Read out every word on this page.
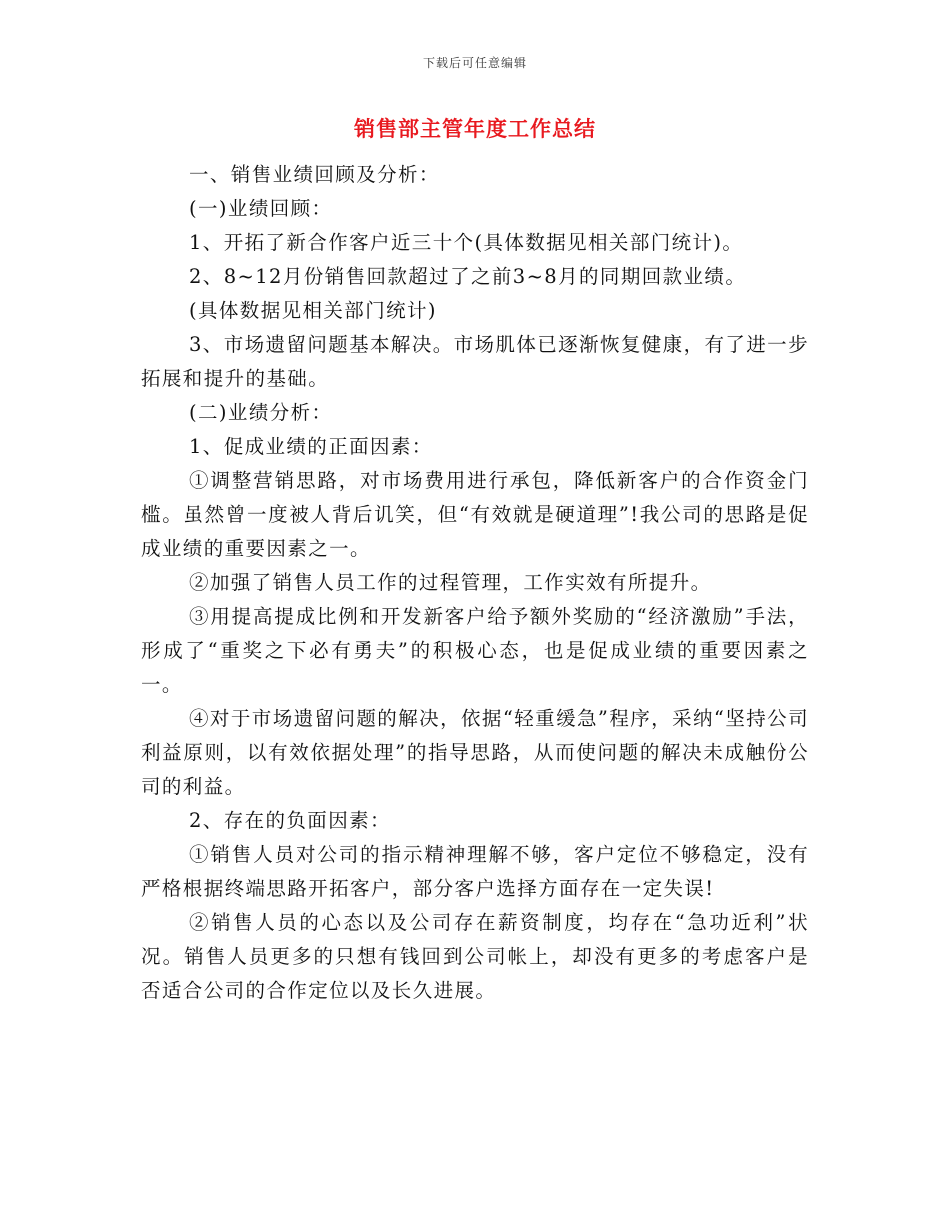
下载后可任意编辑
销售部主管年度工作总结

一、销售业绩回顾及分析：

(一)业绩回顾：

1、开拓了新合作客户近三十个(具体数据见相关部门统计)。

2、8~12月份销售回款超过了之前3~8月的同期回款业绩。

(具体数据见相关部门统计)

3、市场遗留问题基本解决。市场肌体已逐渐恢复健康，有了进一步拓展和提升的基础。

(二)业绩分析：

1、促成业绩的正面因素：

①调整营销思路，对市场费用进行承包，降低新客户的合作资金门槛。虽然曾一度被人背后讥笑，但“有效就是硬道理”!我公司的思路是促成业绩的重要因素之一。

②加强了销售人员工作的过程管理，工作实效有所提升。

③用提高提成比例和开发新客户给予额外奖励的“经济激励”手法，形成了“重奖之下必有勇夫”的积极心态，也是促成业绩的重要因素之一。

④对于市场遗留问题的解决，依据“轻重缓急”程序，采纳“坚持公司利益原则，以有效依据处理”的指导思路，从而使问题的解决未成触份公司的利益。

2、存在的负面因素：

①销售人员对公司的指示精神理解不够，客户定位不够稳定，没有严格根据终端思路开拓客户，部分客户选择方面存在一定失误!

②销售人员的心态以及公司存在薪资制度，均存在“急功近利”状况。销售人员更多的只想有钱回到公司帐上，却没有更多的考虑客户是否适合公司的合作定位以及长久进展。
